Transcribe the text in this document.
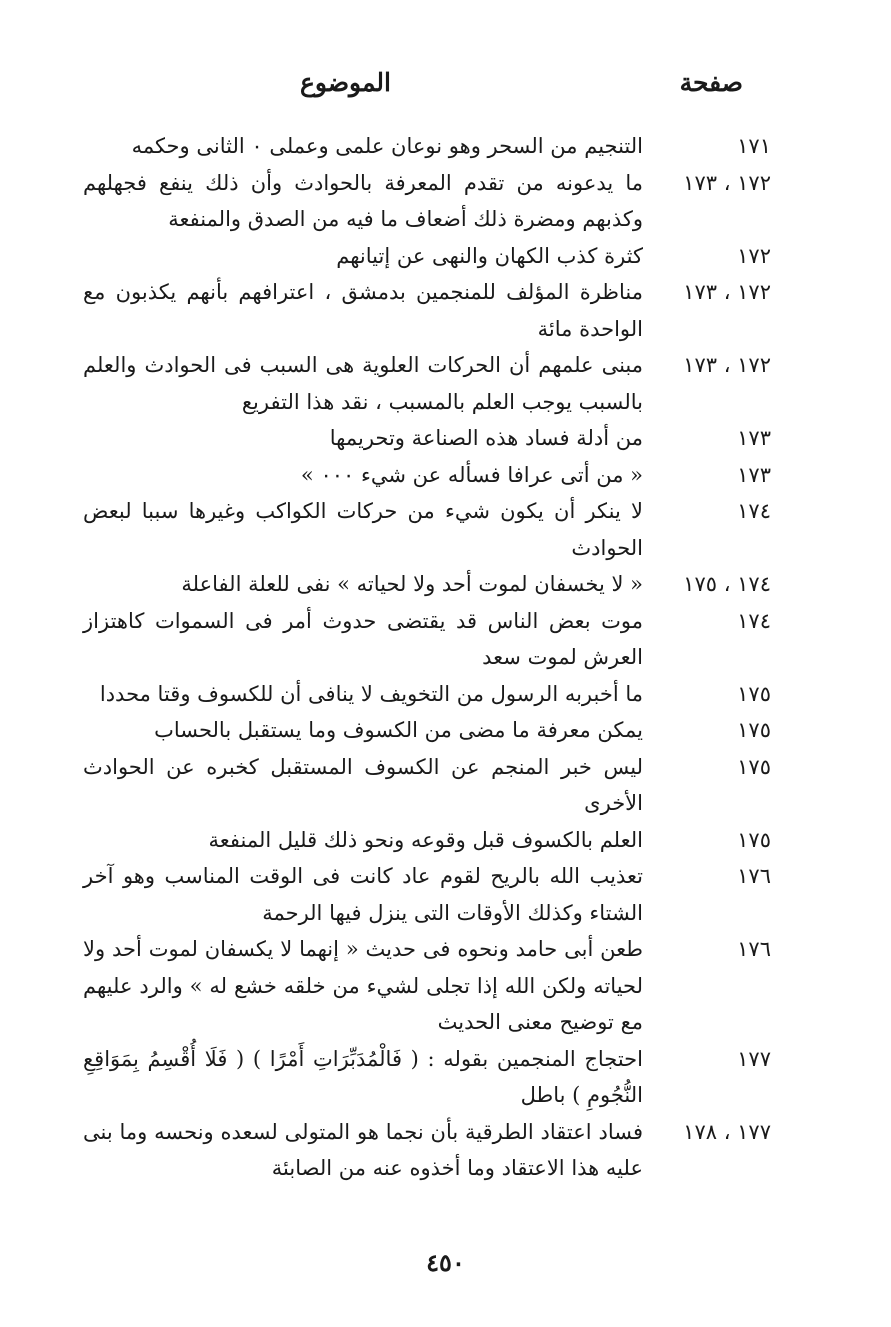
صفحة
الموضوع
١٧١
التنجيم من السحر وهو نوعان علمى وعملى ٠ الثانى وحكمه
١٧٢ ، ١٧٣
ما يدعونه من تقدم المعرفة بالحوادث وأن ذلك ينفع فجهلهم وكذبهم ومضرة ذلك أضعاف ما فيه من الصدق والمنفعة
١٧٢
كثرة كذب الكهان والنهى عن إتيانهم
١٧٢ ، ١٧٣
مناظرة المؤلف للمنجمين بدمشق ، اعترافهم بأنهم يكذبون مع الواحدة مائة
١٧٢ ، ١٧٣
مبنى علمهم أن الحركات العلوية هى السبب فى الحوادث والعلم بالسبب يوجب العلم بالمسبب ، نقد هذا التفريع
١٧٣
من أدلة فساد هذه الصناعة وتحريمها
١٧٣
« من أتى عرافا فسأله عن شيء ٠٠٠ »
١٧٤
لا ينكر أن يكون شيء من حركات الكواكب وغيرها سببا لبعض الحوادث
١٧٤ ، ١٧٥
« لا يخسفان لموت أحد ولا لحياته » نفى للعلة الفاعلة
١٧٤
موت بعض الناس قد يقتضى حدوث أمر فى السموات كاهتزاز العرش لموت سعد
١٧٥
ما أخبربه الرسول من التخويف لا ينافى أن للكسوف وقتا محددا
١٧٥
يمكن معرفة ما مضى من الكسوف وما يستقبل بالحساب
١٧٥
ليس خبر المنجم عن الكسوف المستقبل كخبره عن الحوادث الأخرى
١٧٥
العلم بالكسوف قبل وقوعه ونحو ذلك قليل المنفعة
١٧٦
تعذيب الله بالريح لقوم عاد كانت فى الوقت المناسب وهو آخر الشتاء وكذلك الأوقات التى ينزل فيها الرحمة
١٧٦
طعن أبى حامد ونحوه فى حديث « إنهما لا يكسفان لموت أحد ولا لحياته ولكن الله إذا تجلى لشيء من خلقه خشع له » والرد عليهم مع توضيح معنى الحديث
١٧٧
احتجاج المنجمين بقوله : ( فَالْمُدَبِّرَاتِ أَمْرًا ) ( فَلَا أُقْسِمُ بِمَوَاقِعِ النُّجُومِ ) باطل
١٧٧ ، ١٧٨
فساد اعتقاد الطرقية بأن نجما هو المتولى لسعده ونحسه وما بنى عليه هذا الاعتقاد وما أخذوه عنه من الصابئة
٤٥٠
